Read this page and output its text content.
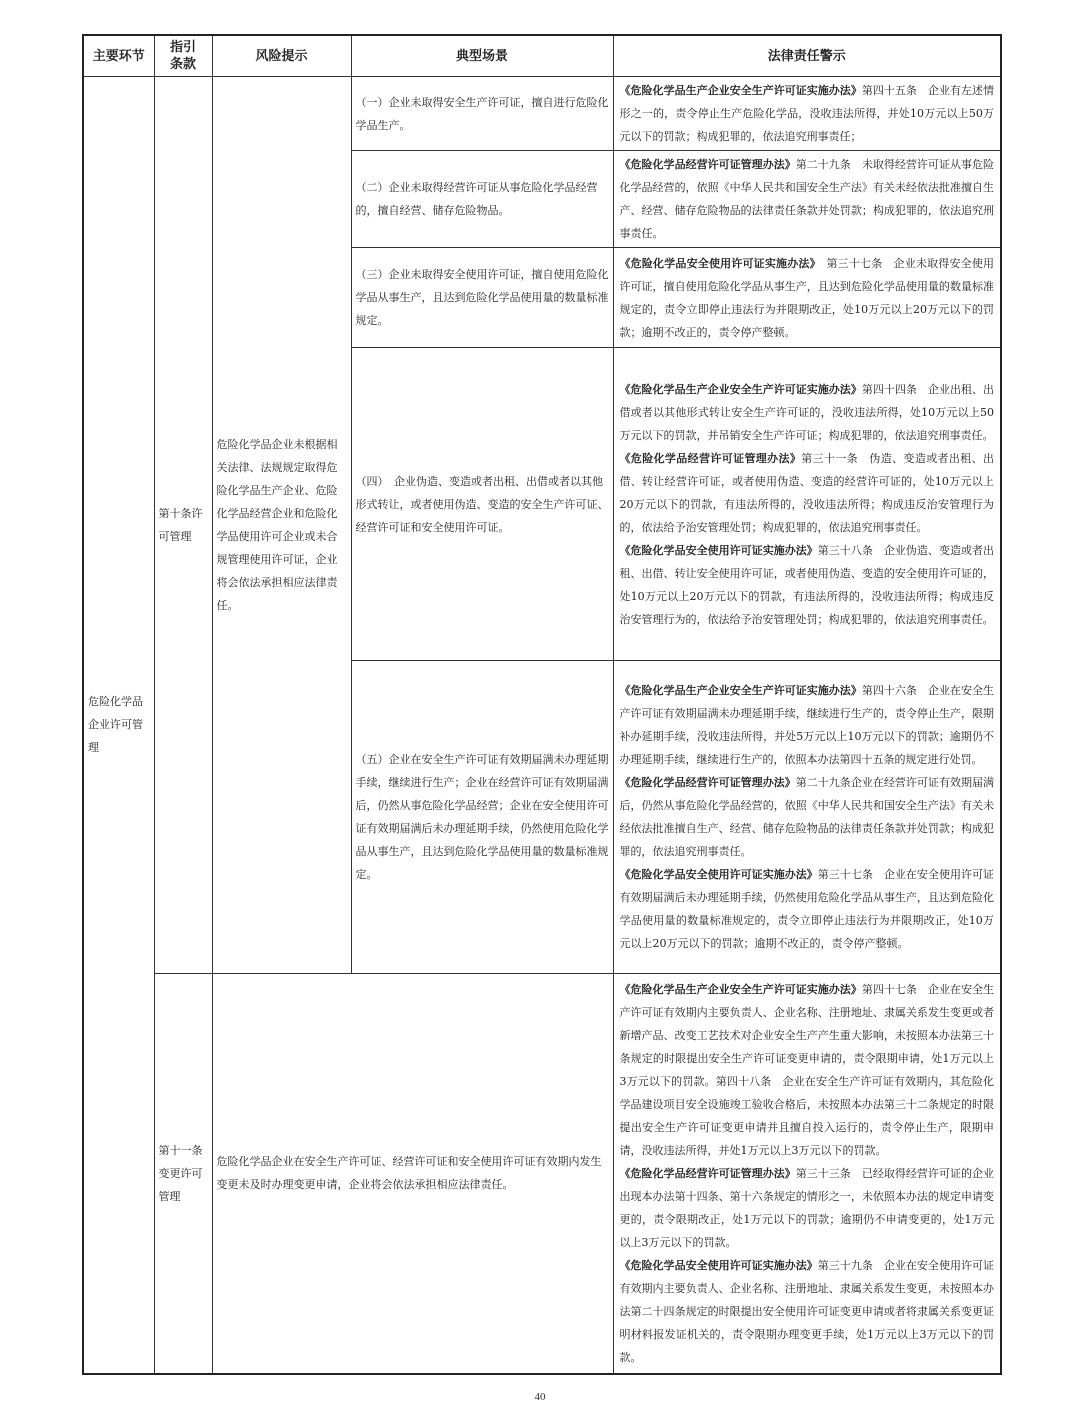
主要环节	指引
条款	风险提示	典型场景	法律责任警示
危险化学品企业许可管理	第十条许可管理	危险化学品企业未根据相关法律、法规规定取得危险化学品生产企业、危险化学品经营企业和危险化学品使用许可企业或未合规管理使用许可证，企业将会依法承担相应法律责任。	（一）企业未取得安全生产许可证，擅自进行危险化学品生产。	《危险化学品生产企业安全生产许可证实施办法》第四十五条　企业有左述情形之一的，责令停止生产危险化学品，没收违法所得，并处10万元以上50万元以下的罚款；构成犯罪的，依法追究刑事责任；

			（二）企业未取得经营许可证从事危险化学品经营的，擅自经营、储存危险物品。	《危险化学品经营许可证管理办法》第二十九条　未取得经营许可证从事危险化学品经营的，依照《中华人民共和国安全生产法》有关未经依法批准擅自生产、经营、储存危险物品的法律责任条款并处罚款；构成犯罪的，依法追究刑事责任。

			（三）企业未取得安全使用许可证，擅自使用危险化学品从事生产，且达到危险化学品使用量的数量标准规定。	《危险化学品安全使用许可证实施办法》　第三十七条　企业未取得安全使用许可证，擅自使用危险化学品从事生产，且达到危险化学品使用量的数量标准规定的，责令立即停止违法行为并限期改正，处10万元以上20万元以下的罚款；逾期不改正的，责令停产整顿。

			（四）　企业伪造、变造或者出租、出借或者以其他形式转让，或者使用伪造、变造的安全生产许可证、经营许可证和安全使用许可证。	《危险化学品生产企业安全生产许可证实施办法》第四十四条　企业出租、出借或者以其他形式转让安全生产许可证的，没收违法所得，处10万元以上50万元以下的罚款，并吊销安全生产许可证；构成犯罪的，依法追究刑事责任。

《危险化学品经营许可证管理办法》第三十一条　伪造、变造或者出租、出借、转让经营许可证，或者使用伪造、变造的经营许可证的，处10万元以上20万元以下的罚款，有违法所得的，没收违法所得；构成违反治安管理行为的，依法给予治安管理处罚；构成犯罪的，依法追究刑事责任。

《危险化学品安全使用许可证实施办法》第三十八条　企业伪造、变造或者出租、出借、转让安全使用许可证，或者使用伪造、变造的安全使用许可证的，处10万元以上20万元以下的罚款，有违法所得的，没收违法所得；构成违反治安管理行为的，依法给予治安管理处罚；构成犯罪的，依法追究刑事责任。

			（五）企业在安全生产许可证有效期届满未办理延期手续，继续进行生产；企业在经营许可证有效期届满后，仍然从事危险化学品经营；企业在安全使用许可证有效期届满后未办理延期手续，仍然使用危险化学品从事生产，且达到危险化学品使用量的数量标准规定。	《危险化学品生产企业安全生产许可证实施办法》第四十六条　企业在安全生产许可证有效期届满未办理延期手续，继续进行生产的，责令停止生产，限期补办延期手续，没收违法所得，并处5万元以上10万元以下的罚款；逾期仍不办理延期手续，继续进行生产的，依照本办法第四十五条的规定进行处罚。

《危险化学品经营许可证管理办法》第二十九条企业在经营许可证有效期届满后，仍然从事危险化学品经营的，依照《中华人民共和国安全生产法》有关未经依法批准擅自生产、经营、储存危险物品的法律责任条款并处罚款；构成犯罪的，依法追究刑事责任。

《危险化学品安全使用许可证实施办法》第三十七条　企业在安全使用许可证有效期届满后未办理延期手续，仍然使用危险化学品从事生产，且达到危险化学品使用量的数量标准规定的，责令立即停止违法行为并限期改正，处10万元以上20万元以下的罚款；逾期不改正的，责令停产整顿。

	第十一条变更许可管理	危险化学品企业在安全生产许可证、经营许可证和安全使用许可证有效期内发生变更未及时办理变更申请，企业将会依法承担相应法律责任。		《危险化学品生产企业安全生产许可证实施办法》第四十七条　企业在安全生产许可证有效期内主要负责人、企业名称、注册地址、隶属关系发生变更或者新增产品、改变工艺技术对企业安全生产产生重大影响，未按照本办法第三十条规定的时限提出安全生产许可证变更申请的，责令限期申请，处1万元以上3万元以下的罚款。第四十八条　企业在安全生产许可证有效期内，其危险化学品建设项目安全设施竣工验收合格后，未按照本办法第三十二条规定的时限提出安全生产许可证变更申请并且擅自投入运行的，责令停止生产，限期申请，没收违法所得，并处1万元以上3万元以下的罚款。

《危险化学品经营许可证管理办法》第三十三条　已经取得经营许可证的企业出现本办法第十四条、第十六条规定的情形之一，未依照本办法的规定申请变更的，责令限期改正，处1万元以下的罚款；逾期仍不申请变更的，处1万元以上3万元以下的罚款。

《危险化学品安全使用许可证实施办法》第三十九条　企业在安全使用许可证有效期内主要负责人、企业名称、注册地址、隶属关系发生变更，未按照本办法第二十四条规定的时限提出安全使用许可证变更申请或者将隶属关系变更证明材料报发证机关的，责令限期办理变更手续，处1万元以上3万元以下的罚款。

40
